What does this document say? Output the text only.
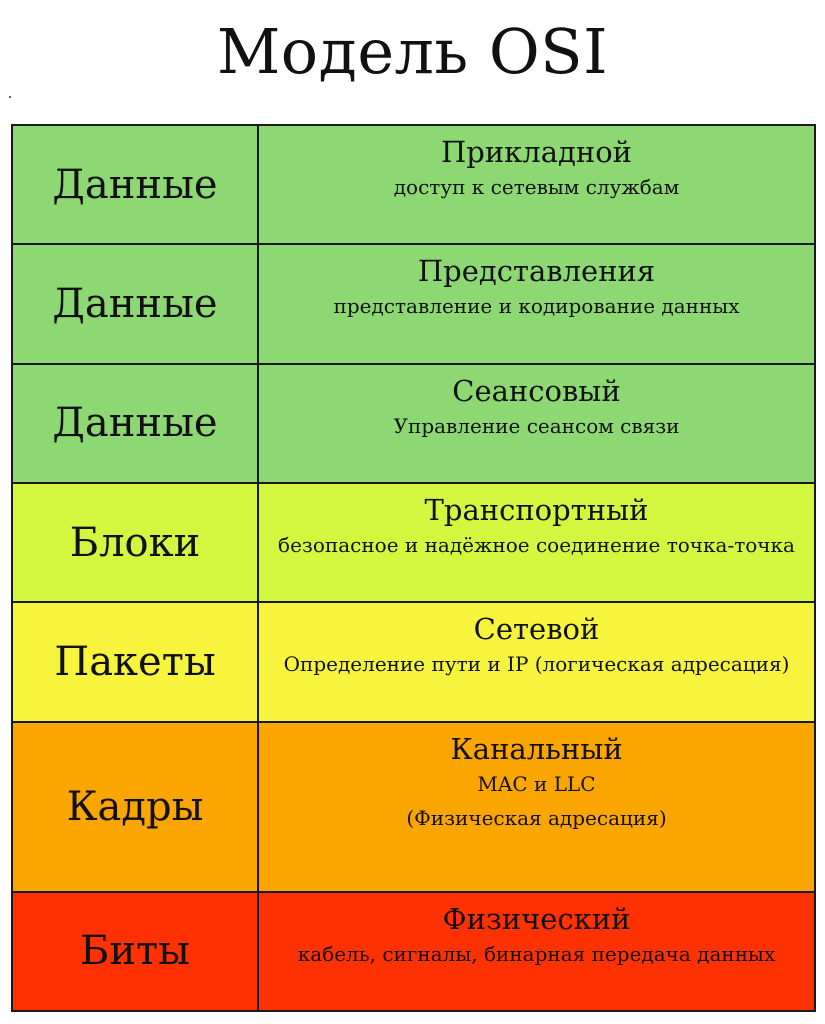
Модель OSI
Данные	Прикладной
доступ к сетевым службам

Данные	Представления
представление и кодирование данных

Данные	Сеансовый
Управление сеансом связи

Блоки	Транспортный
безопасное и надёжное соединение точка-точка

Пакеты	Сетевой
Определение пути и IP (логическая адресация)

Кадры	Канальный
MAC и LLC
(Физическая адресация)

Биты	Физический
кабель, сигналы, бинарная передача данных
